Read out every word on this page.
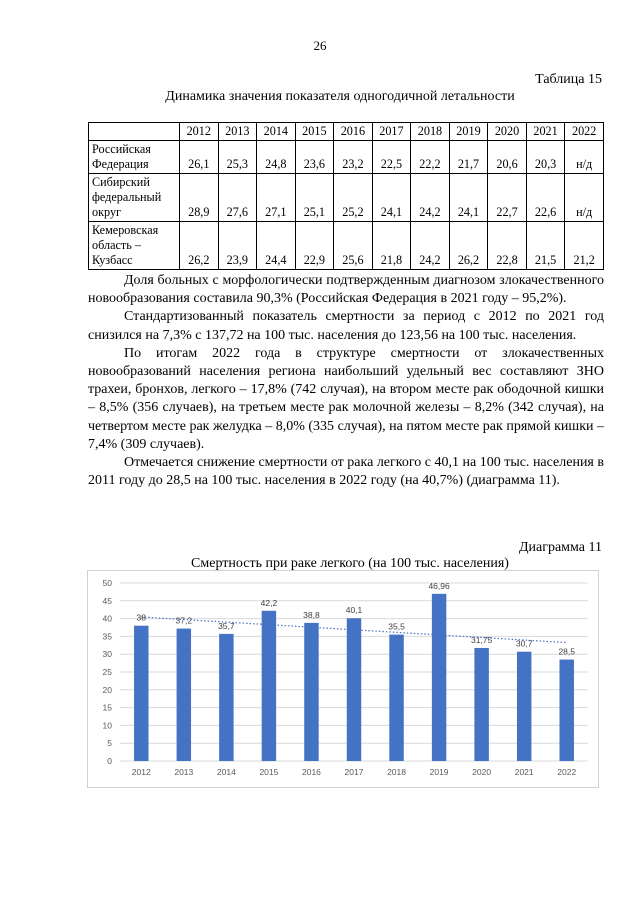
26
Таблица 15
Динамика значения показателя одногодичной летальности
	2012	2013	2014	2015	2016	2017	2018	2019	2020	2021	2022
Российская
Федерация	26,1	25,3	24,8	23,6	23,2	22,5	22,2	21,7	20,6	20,3	н/д
Сибирский
федеральный
округ	28,9	27,6	27,1	25,1	25,2	24,1	24,2	24,1	22,7	22,6	н/д
Кемеровская
область –
Кузбасс	26,2	23,9	24,4	22,9	25,6	21,8	24,2	26,2	22,8	21,5	21,2

Доля больных с морфологически подтвержденным диагнозом злокачественного новообразования составила 90,3% (Российская Федерация в 2021 году – 95,2%).

Стандартизованный показатель смертности за период с 2012 по 2021 год снизился на 7,3% с 137,72 на 100 тыс. населения до 123,56 на 100 тыс. населения.

По итогам 2022 года в структуре смертности от злокачественных новообразований населения региона наибольший удельный вес составляют ЗНО трахеи, бронхов, легкого – 17,8% (742 случая), на втором месте рак ободочной кишки – 8,5% (356 случаев), на третьем месте рак молочной железы – 8,2% (342 случая), на четвертом месте рак желудка – 8,0% (335 случая), на пятом месте рак прямой кишки – 7,4% (309 случаев).

Отмечается снижение смертности от рака легкого с 40,1 на 100 тыс. населения в 2011 году до 28,5 на 100 тыс. населения в 2022 году (на 40,7%) (диаграмма 11).

Диаграмма 11
Смертность при раке легкого (на 100 тыс. населения)
0
5
10
15
20
25
30
35
40
45
50
38
2012
37,2
2013
35,7
2014
42,2
2015
38,8
2016
40,1
2017
35,5
2018
46,96
2019
31,75
2020
30,7
2021
28,5
2022
